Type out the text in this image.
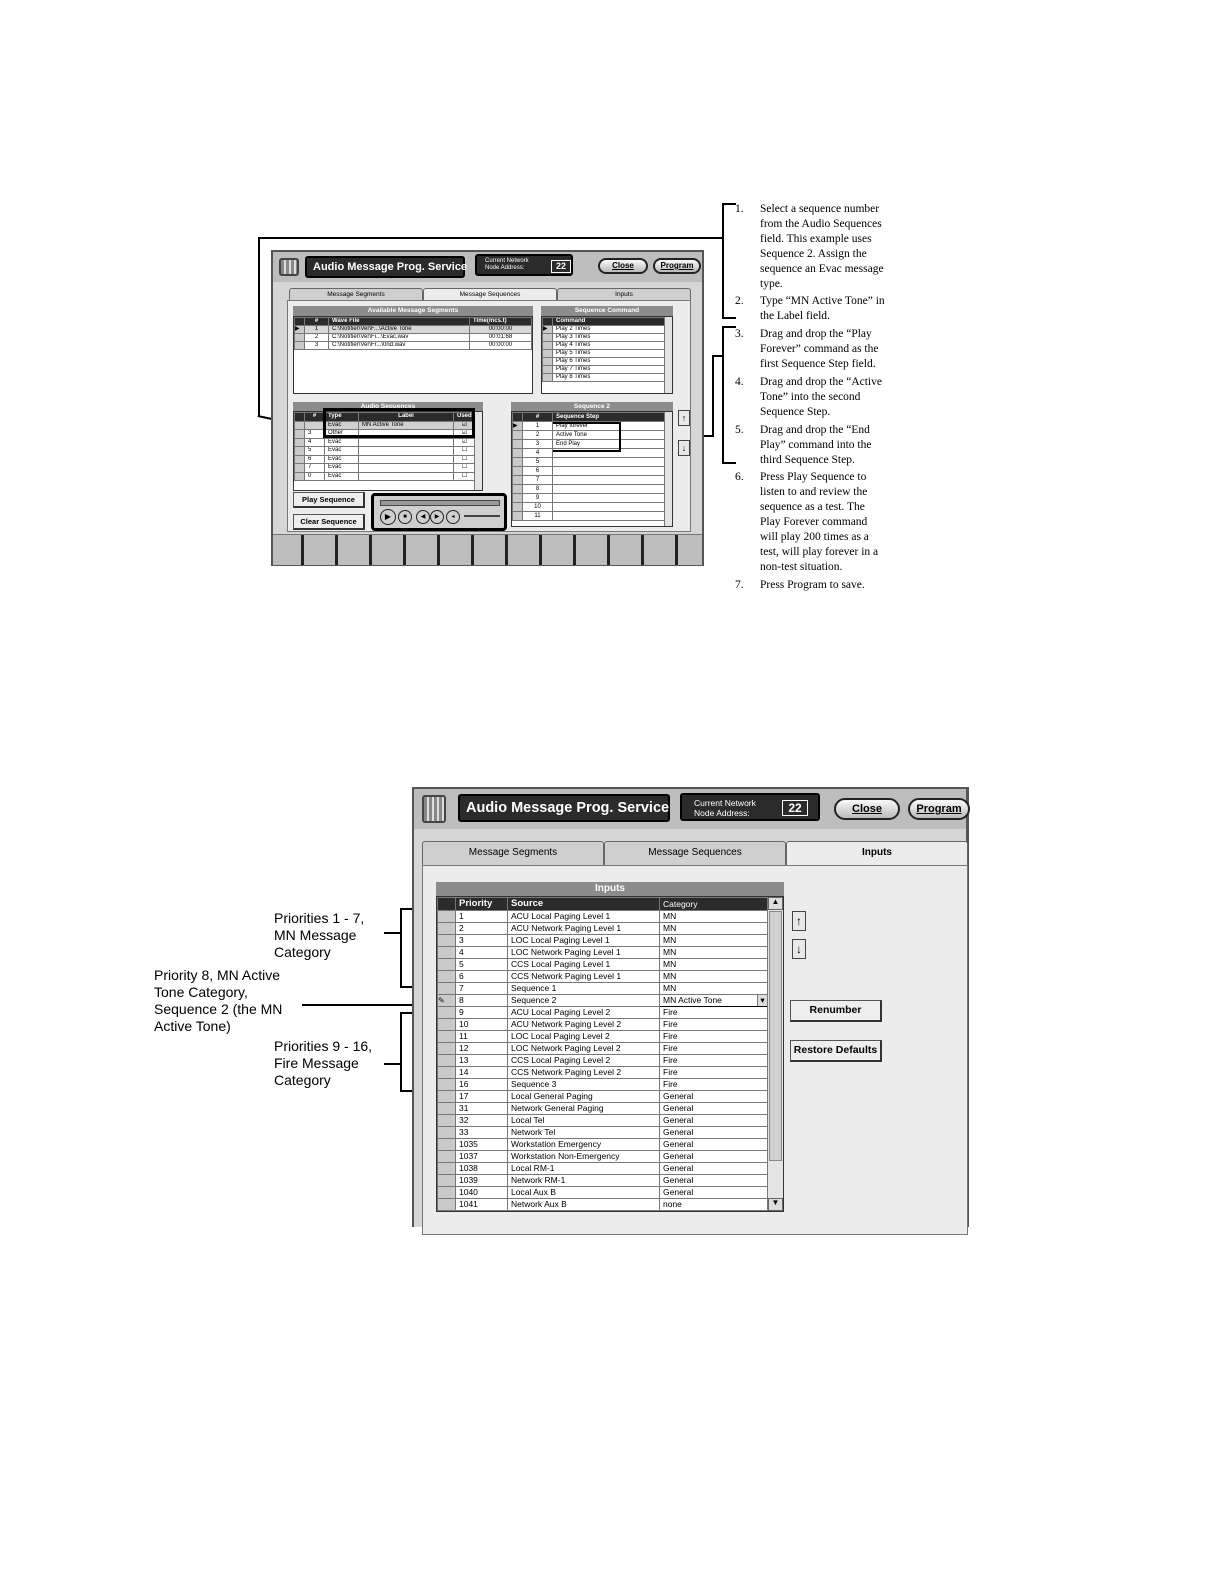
Audio Message Prog. Service	Current Network Node Address:	22	Close	Program
Message Segments	Message Sequences	Inputs
Available Message Segments
	#	Wave File	Time(mcs.t)
▶	1	C:\Notifier\Ver\F...\Active Tone	00:00:00
	2	C:\Notifier\Ver\Fi...\Evac.wav	00:01:68
	3	C:\Notifier\Ver\Fr...\0nd.wav	00:00:00
Sequence Command
	Command
▶	Play 2 Times
	Play 3 Times
	Play 4 Times
	Play 5 Times
	Play 6 Times
	Play 7 Times
	Play 8 Times
Audio Sequences
	#	Type	Label	Used
		Evac	MN Active Tone	☑
	3	Other		☑
	4	Evac		☑
	5	Evac		☐
	6	Evac		☐
	7	Evac		☐
	0	Evac		☐
Sequence 2
	#	Sequence Step
▶	1	Play forever
	2	Active Tone
	3	End Play
	4	
	5	
	6	
	7	
	8	
	9	
	10	
	11	
↑
↓
Play Sequence
Clear Sequence
▶	■	◀	▶	◂
1. Select a sequence number from the Audio Sequences field. This example uses Sequence 2. Assign the sequence an Evac message type.
2. Type “MN Active Tone” in the Label field.
3. Drag and drop the “Play Forever” command as the first Sequence Step field.
4. Drag and drop the “Active Tone” into the second Sequence Step.
5. Drag and drop the “End Play” command into the third Sequence Step.
6. Press Play Sequence to listen to and review the sequence as a test. The Play Forever command will play 200 times as a test, will play forever in a non-test situation.
7. Press Program to save.
Priorities 1 - 7,
MN Message
Category
Priority 8, MN Active
Tone Category,
Sequence 2 (the MN
Active Tone)
Priorities 9 - 16,
Fire Message
Category
Audio Message Prog. Service	Current Network
Node Address:	22	Close	Program
Message Segments	Message Sequences	Inputs
Inputs
	Priority	Source	Category
	1	ACU Local Paging Level 1	MN
	2	ACU Network Paging Level 1	MN
	3	LOC Local Paging Level 1	MN
	4	LOC Network Paging Level 1	MN
	5	CCS Local Paging Level 1	MN
	6	CCS Network Paging Level 1	MN
	7	Sequence 1	MN
✎	8	Sequence 2	MN Active Tone ▾

	9	ACU Local Paging Level 2	Fire
	10	ACU Network Paging Level 2	Fire
	11	LOC Local Paging Level 2	Fire
	12	LOC Network Paging Level 2	Fire
	13	CCS Local Paging Level 2	Fire
	14	CCS Network Paging Level 2	Fire
	16	Sequence 3	Fire
	17	Local General Paging	General
	31	Network General Paging	General
	32	Local Tel	General
	33	Network Tel	General
	1035	Workstation Emergency	General
	1037	Workstation Non-Emergency	General
	1038	Local RM-1	General
	1039	Network RM-1	General
	1040	Local Aux B	General
	1041	Network Aux B	none
▲
▼
↑
↓
Renumber
Restore Defaults
